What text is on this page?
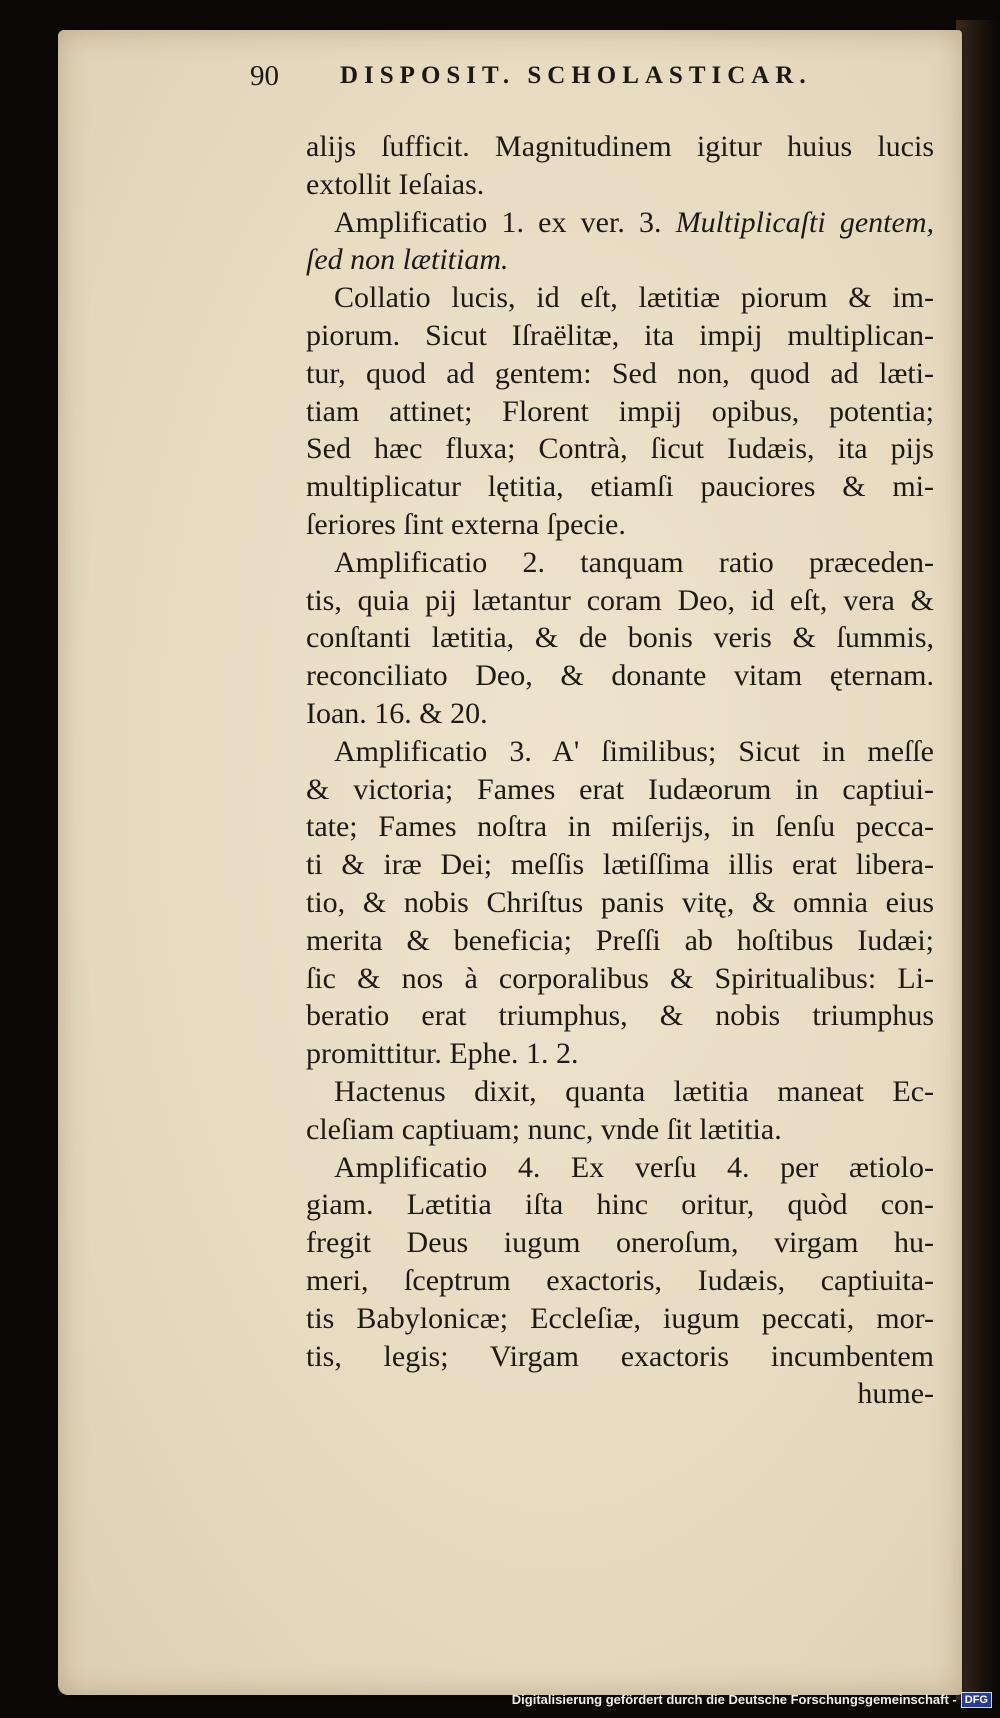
90 DISPOSIT. SCHOLASTICAR.
alijs ſufficit. Magnitudinem igitur huius lucis
extollit Ieſaias.
Amplificatio 1. ex ver. 3. Multiplicaſti gentem,
ſed non lætitiam.
Collatio lucis, id eſt, lætitiæ piorum & im-
piorum. Sicut Iſraëlitæ, ita impij multiplican-
tur, quod ad gentem: Sed non, quod ad læti-
tiam attinet; Florent impij opibus, potentia;
Sed hæc fluxa; Contrà, ſicut Iudæis, ita pijs
multiplicatur lętitia, etiamſi pauciores & mi-
ſeriores ſint externa ſpecie.
Amplificatio 2. tanquam ratio præceden-
tis, quia pij lætantur coram Deo, id eſt, vera &
conſtanti lætitia, & de bonis veris & ſummis,
reconciliato Deo, & donante vitam ęternam.
Ioan. 16. & 20.
Amplificatio 3. A' ſimilibus; Sicut in meſſe
& victoria; Fames erat Iudæorum in captiui-
tate; Fames noſtra in miſerijs, in ſenſu pecca-
ti & iræ Dei; meſſis lætiſſima illis erat libera-
tio, & nobis Chriſtus panis vitę, & omnia eius
merita & beneficia; Preſſi ab hoſtibus Iudæi;
ſic & nos à corporalibus & Spiritualibus: Li-
beratio erat triumphus, & nobis triumphus
promittitur. Ephe. 1. 2.
Hactenus dixit, quanta lætitia maneat Ec-
cleſiam captiuam; nunc, vnde ſit lætitia.
Amplificatio 4. Ex verſu 4. per ætiolo-
giam. Lætitia iſta hinc oritur, quòd con-
fregit Deus iugum oneroſum, virgam hu-
meri, ſceptrum exactoris, Iudæis, captiuita-
tis Babylonicæ; Eccleſiæ, iugum peccati, mor-
tis, legis; Virgam exactoris incumbentem
hume-
Digitalisierung gefördert durch die Deutsche Forschungsgemeinschaft - DFG
